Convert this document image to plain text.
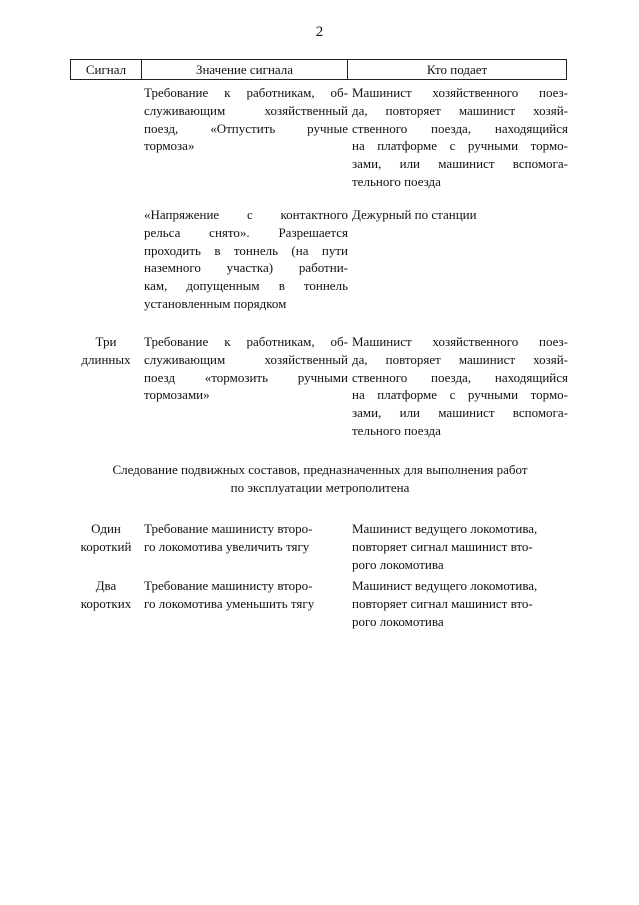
2
Сигнал	Значение сигнала	Кто подает
Требование к работникам, об-
служивающим хозяйственный
поезд, «Отпустить ручные
тормоза»
Машинист хозяйственного поез-
да, повторяет машинист хозяй-
ственного поезда, находящийся
на платформе с ручными тормо-
зами, или машинист вспомога-
тельного поезда
«Напряжение с контактного
рельса снято». Разрешается
проходить в тоннель (на пути
наземного участка) работни-
кам, допущенным в тоннель
установленным порядком
Дежурный по станции
Три
длинных
Требование к работникам, об-
служивающим хозяйственный
поезд «тормозить ручными
тормозами»
Машинист хозяйственного поез-
да, повторяет машинист хозяй-
ственного поезда, находящийся
на платформе с ручными тормо-
зами, или машинист вспомога-
тельного поезда
Следование подвижных составов, предназначенных для выполнения работ
по эксплуатации метрополитена
Один
короткий
Требование машинисту второ-
го локомотива увеличить тягу
Машинист ведущего локомотива,
повторяет сигнал машинист вто-
рого локомотива
Два
коротких
Требование машинисту второ-
го локомотива уменьшить тягу
Машинист ведущего локомотива,
повторяет сигнал машинист вто-
рого локомотива
